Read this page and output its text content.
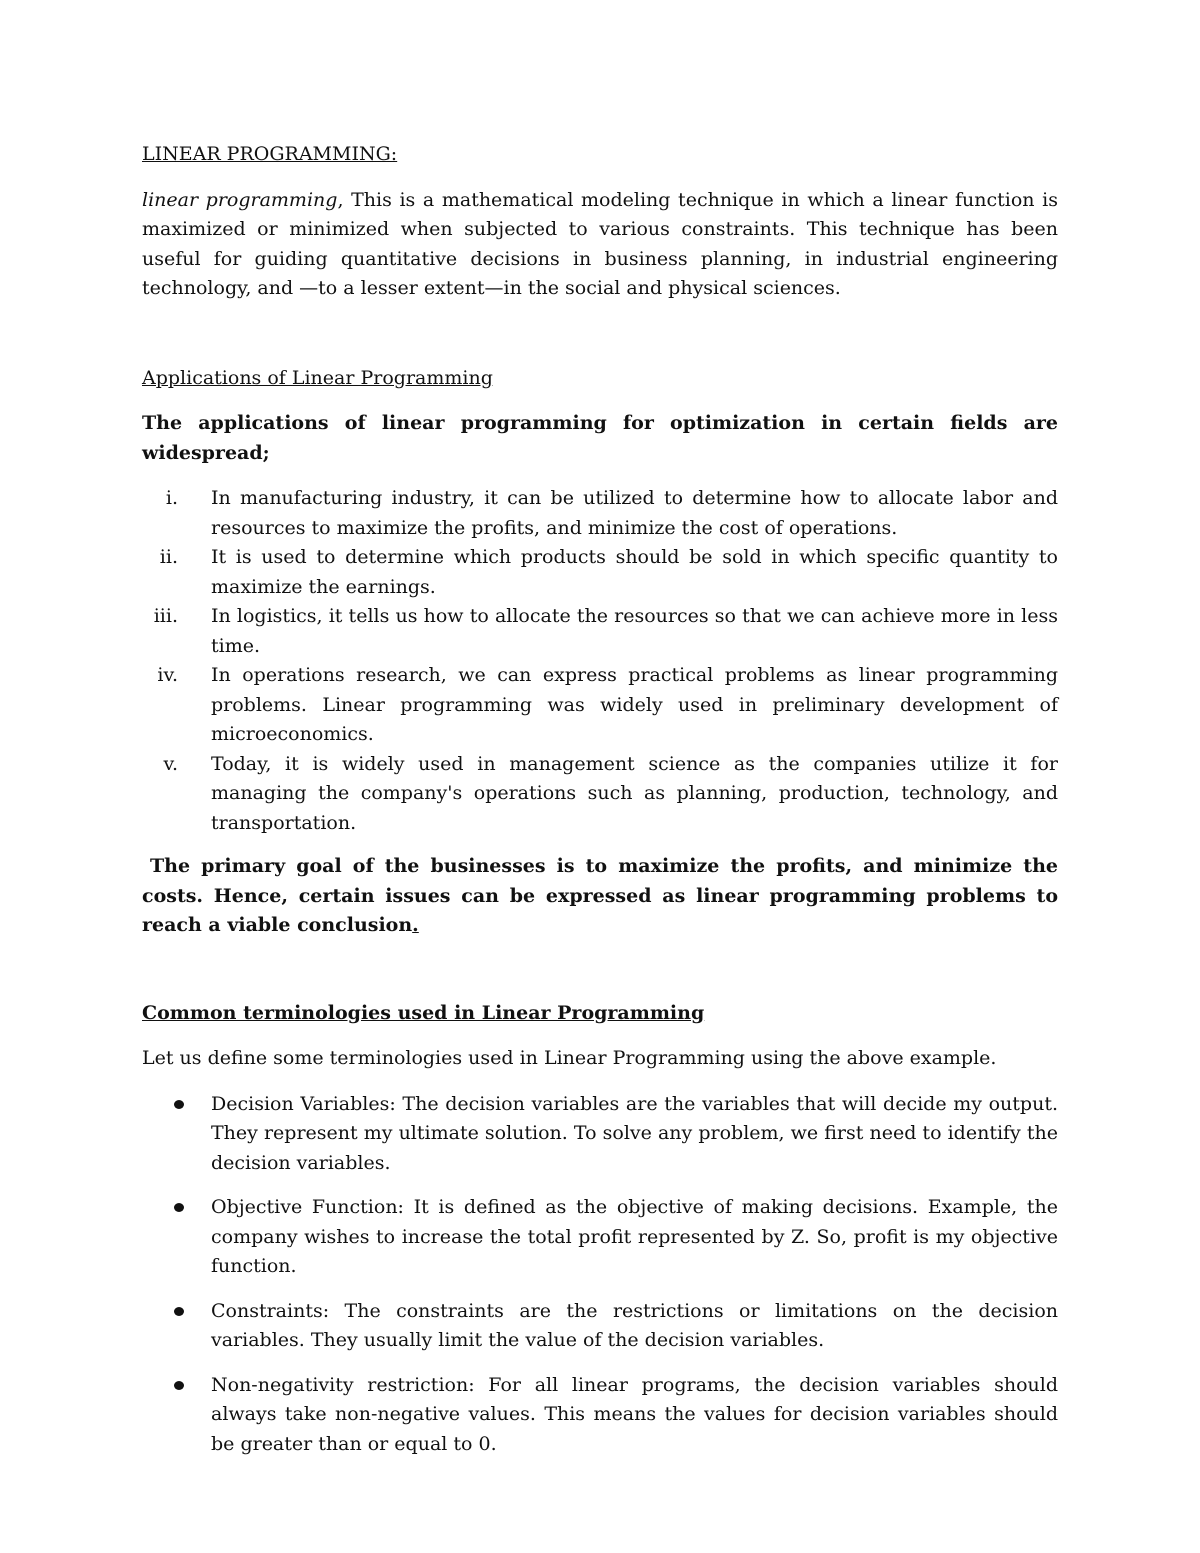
LINEAR PROGRAMMING:

linear programming, This is a mathematical modeling technique in which a linear function is maximized or minimized when subjected to various constraints. This technique has been useful for guiding quantitative decisions in business planning, in industrial engineering technology, and —to a lesser extent—in the social and physical sciences.

Applications of Linear Programming

The applications of linear programming for optimization in certain fields are widespread;

i. In manufacturing industry, it can be utilized to determine how to allocate labor and resources to maximize the profits, and minimize the cost of operations.
ii. It is used to determine which products should be sold in which specific quantity to maximize the earnings.
iii. In logistics, it tells us how to allocate the resources so that we can achieve more in less time.
iv. In operations research, we can express practical problems as linear programming problems. Linear programming was widely used in preliminary development of microeconomics.
v. Today, it is widely used in management science as the companies utilize it for managing the company's operations such as planning, production, technology, and transportation.

The primary goal of the businesses is to maximize the profits, and minimize the costs. Hence, certain issues can be expressed as linear programming problems to reach a viable conclusion.

Common terminologies used in Linear Programming

Let us define some terminologies used in Linear Programming using the above example.

Decision Variables: The decision variables are the variables that will decide my output. They represent my ultimate solution. To solve any problem, we first need to identify the decision variables.
Objective Function: It is defined as the objective of making decisions. Example, the company wishes to increase the total profit represented by Z. So, profit is my objective function.
Constraints: The constraints are the restrictions or limitations on the decision variables. They usually limit the value of the decision variables.
Non-negativity restriction: For all linear programs, the decision variables should always take non-negative values. This means the values for decision variables should be greater than or equal to 0.
